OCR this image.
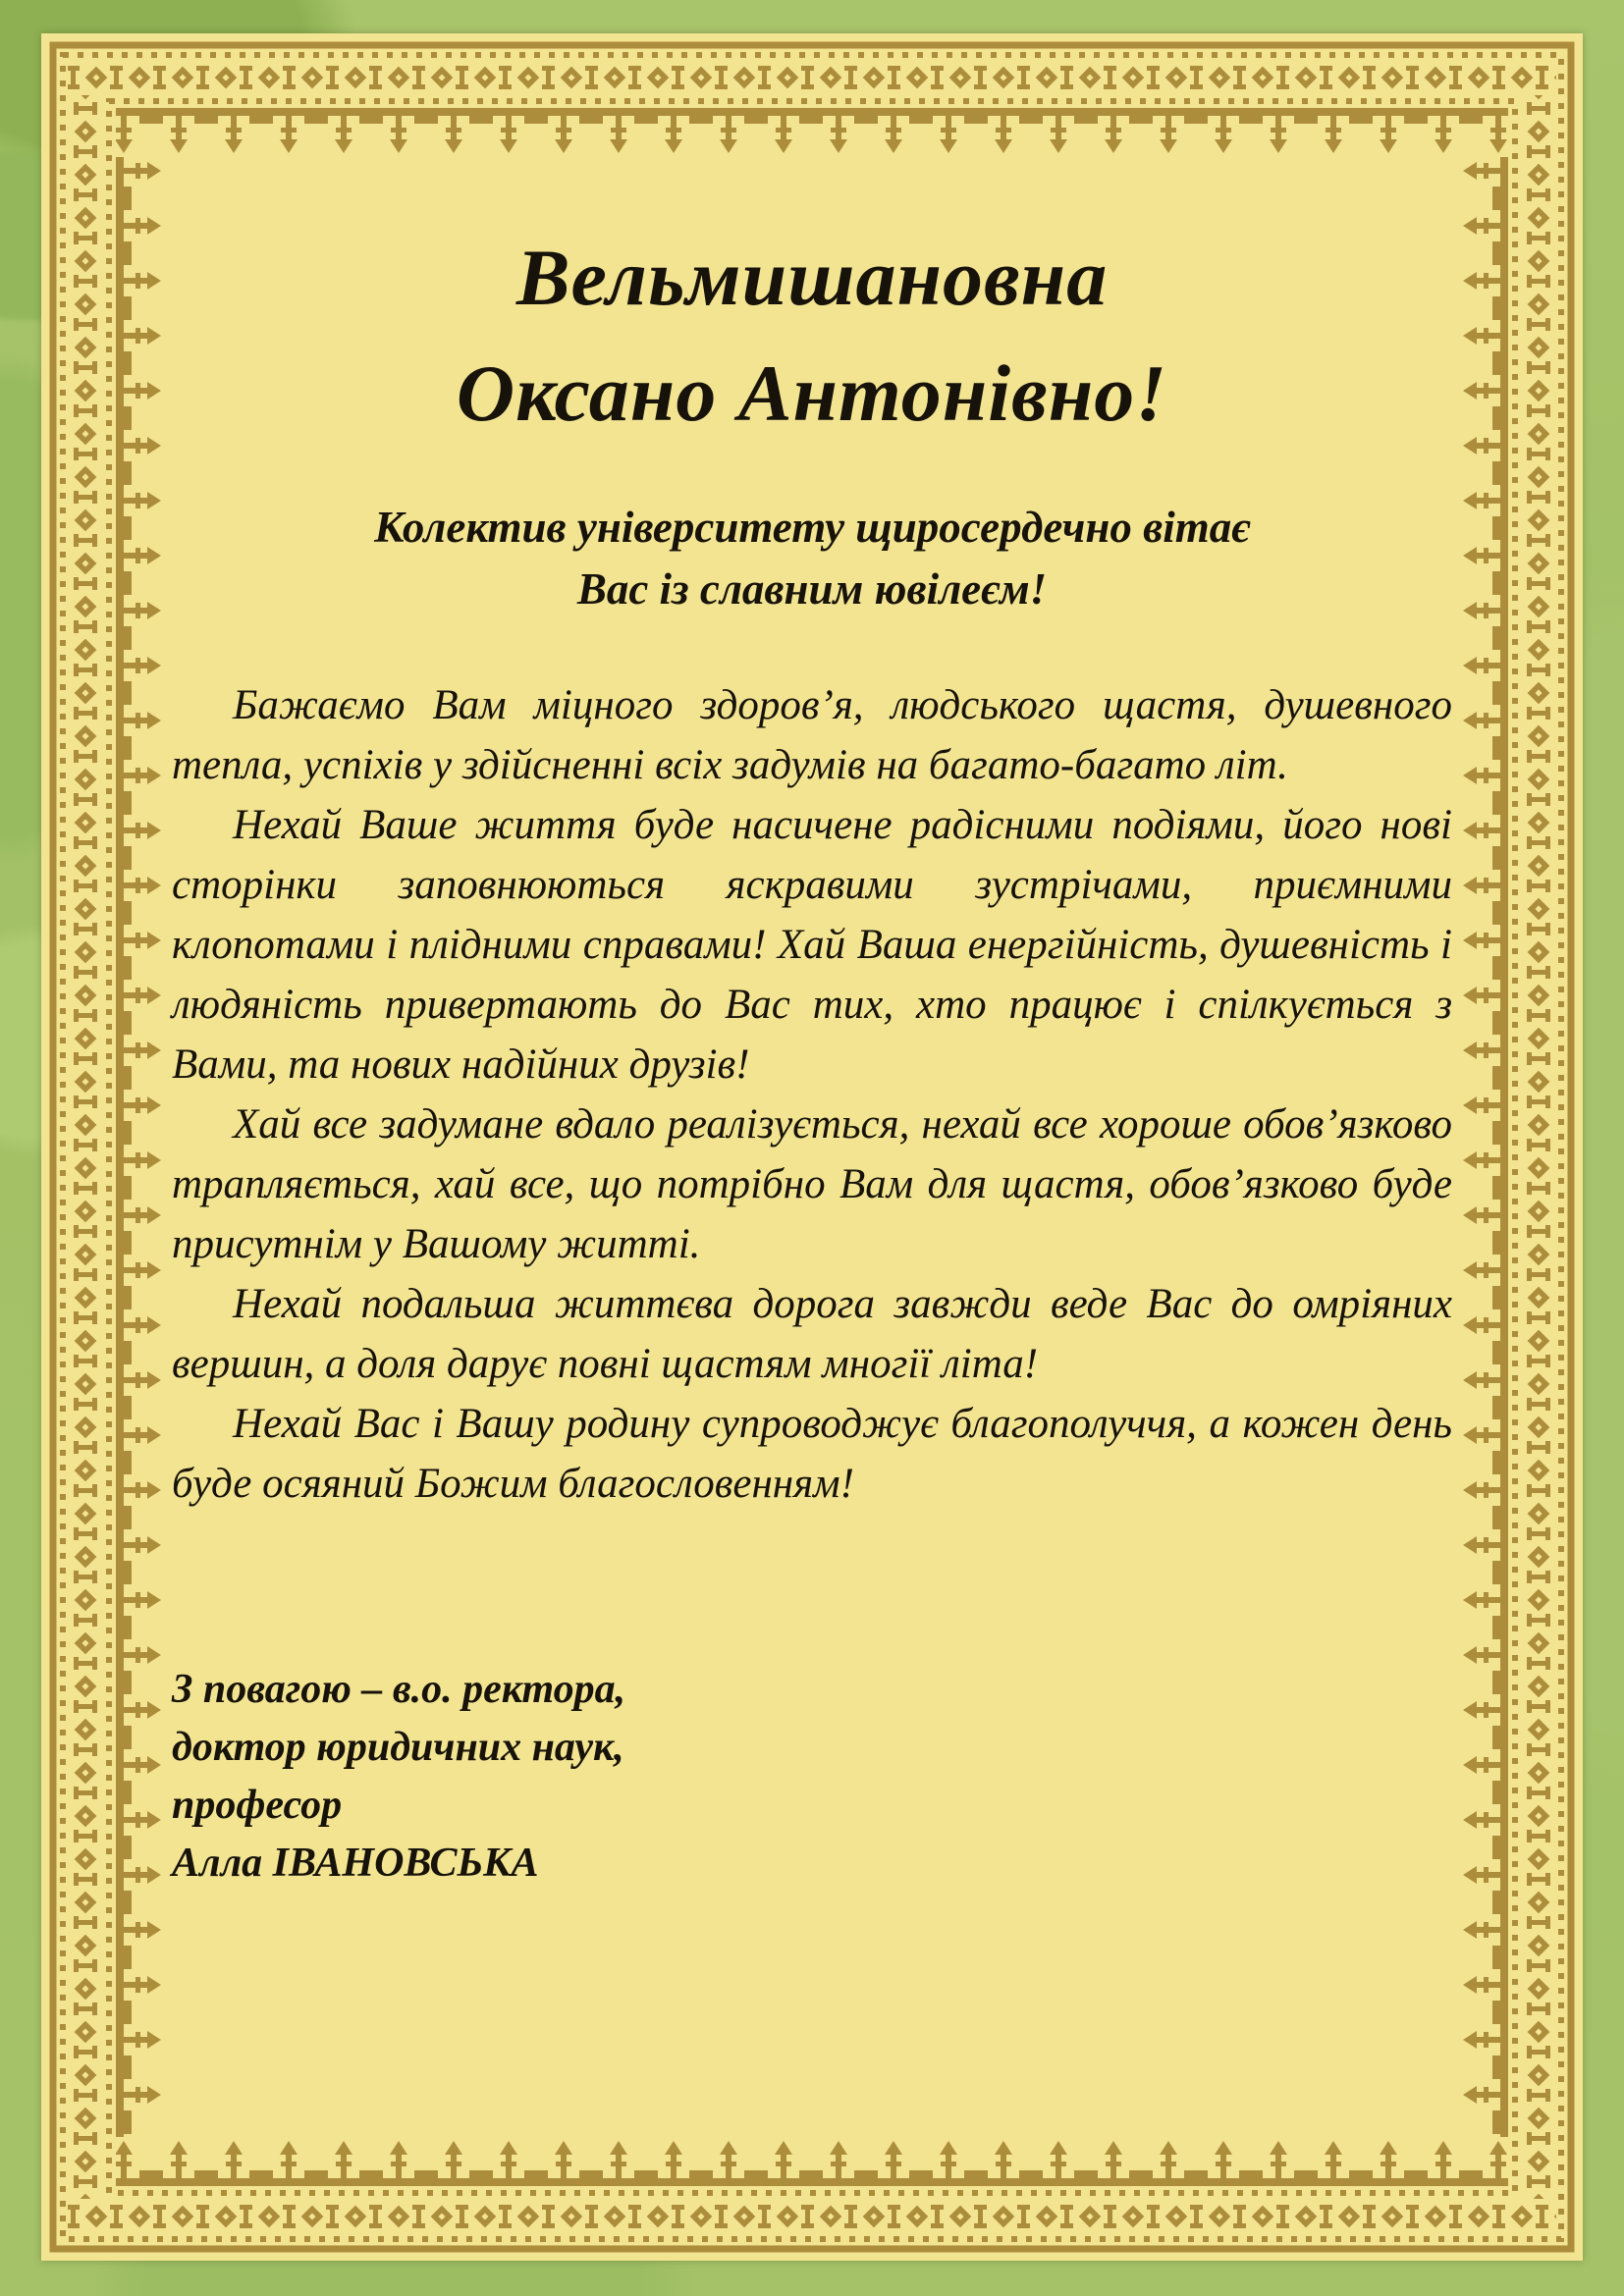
Вельмишановна
Оксано Антонівно!
Колектив університету щиросердечно вітає
Вас із славним ювілеєм!

Бажаємо Вам міцного здоров’я, людського щастя, душевного тепла, успіхів у здійсненні всіх задумів на багато-багато літ.

Нехай Ваше життя буде насичене радісними подіями, його нові сторінки заповнюються яскравими зустрічами, приємними клопотами і плідними справами! Хай Ваша енергійність, душевність і людяність привертають до Вас тих, хто працює і спілкується з Вами, та нових надійних друзів!

Хай все задумане вдало реалізується, нехай все хороше обов’язково трапляється, хай все, що потрібно Вам для щастя, обов’язково буде присутнім у Вашому житті.

Нехай подальша життєва дорога завжди веде Вас до омріяних вершин, а доля дарує повні щастям многії літа!

Нехай Вас і Вашу родину супроводжує благополуччя, а кожен день буде осяяний Божим благословенням!

З повагою – в.о. ректора,
доктор юридичних наук,
професор
Алла ІВАНОВСЬКА
